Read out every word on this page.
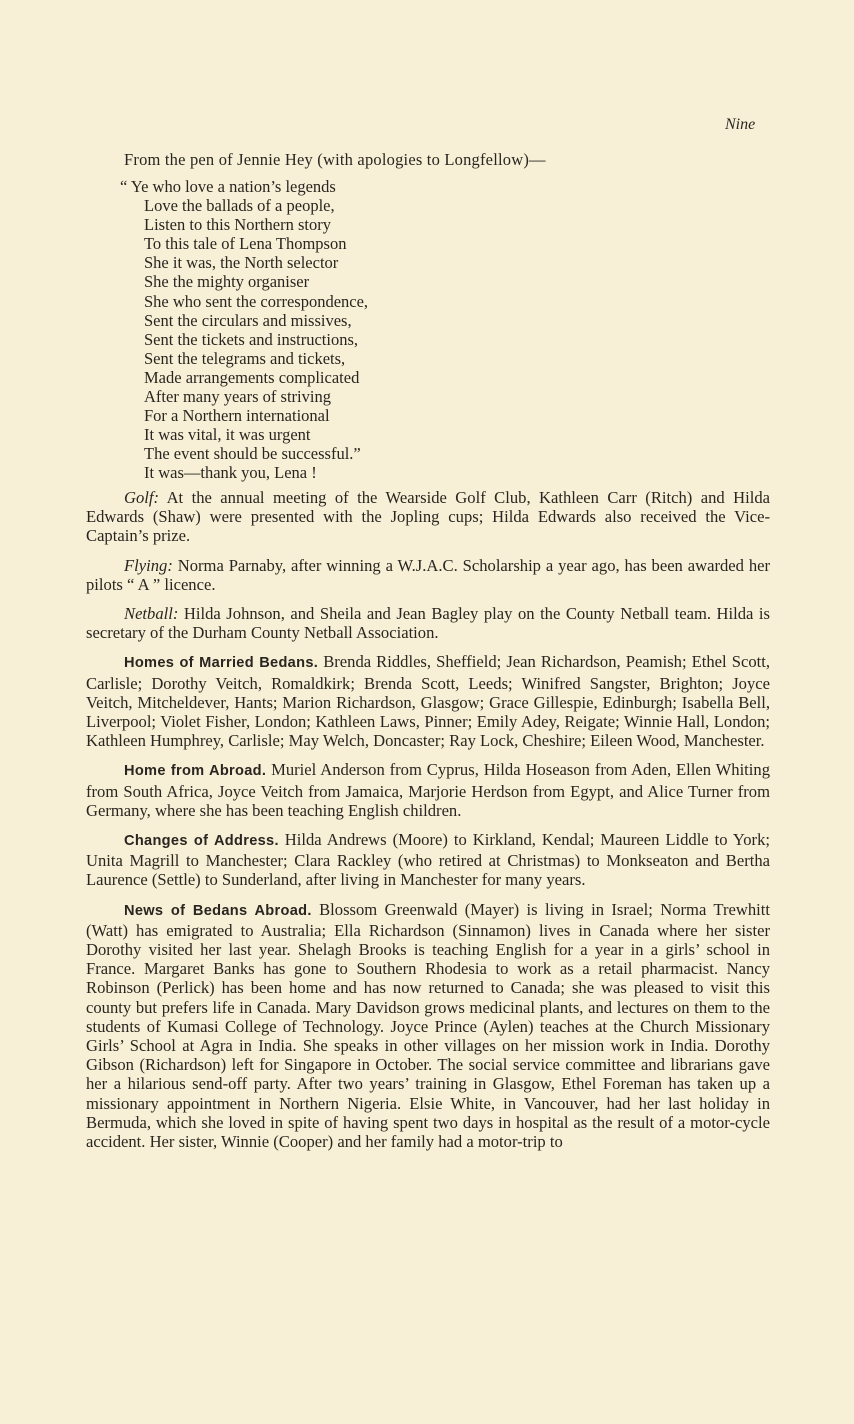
Nine
From the pen of Jennie Hey (with apologies to Longfellow)—
“ Ye who love a nation’s legends
Love the ballads of a people,
Listen to this Northern story
To this tale of Lena Thompson
She it was, the North selector
She the mighty organiser
She who sent the correspondence,
Sent the circulars and missives,
Sent the tickets and instructions,
Sent the telegrams and tickets,
Made arrangements complicated
After many years of striving
For a Northern international
It was vital, it was urgent
The event should be successful.”
It was—thank you, Lena !

Golf: At the annual meeting of the Wearside Golf Club, Kathleen Carr (Ritch) and Hilda Edwards (Shaw) were presented with the Jopling cups; Hilda Edwards also received the Vice-Captain’s prize.

Flying: Norma Parnaby, after winning a W.J.A.C. Scholarship a year ago, has been awarded her pilots “ A ” licence.

Netball: Hilda Johnson, and Sheila and Jean Bagley play on the County Netball team. Hilda is secretary of the Durham County Netball Association.

Homes of Married Bedans. Brenda Riddles, Sheffield; Jean Richardson, Peamish; Ethel Scott, Carlisle; Dorothy Veitch, Romaldkirk; Brenda Scott, Leeds; Winifred Sangster, Brighton; Joyce Veitch, Mitcheldever, Hants; Marion Richardson, Glasgow; Grace Gillespie, Edinburgh; Isabella Bell, Liverpool; Violet Fisher, London; Kathleen Laws, Pinner; Emily Adey, Reigate; Winnie Hall, London; Kathleen Humphrey, Carlisle; May Welch, Doncaster; Ray Lock, Cheshire; Eileen Wood, Manchester.

Home from Abroad. Muriel Anderson from Cyprus, Hilda Hoseason from Aden, Ellen Whiting from South Africa, Joyce Veitch from Jamaica, Marjorie Herdson from Egypt, and Alice Turner from Germany, where she has been teaching English children.

Changes of Address. Hilda Andrews (Moore) to Kirkland, Kendal; Maureen Liddle to York; Unita Magrill to Manchester; Clara Rackley (who retired at Christmas) to Monkseaton and Bertha Laurence (Settle) to Sunderland, after living in Manchester for many years.

News of Bedans Abroad. Blossom Greenwald (Mayer) is living in Israel; Norma Trewhitt (Watt) has emigrated to Australia; Ella Richardson (Sinnamon) lives in Canada where her sister Dorothy visited her last year. Shelagh Brooks is teaching English for a year in a girls’ school in France. Margaret Banks has gone to Southern Rhodesia to work as a retail pharmacist. Nancy Robinson (Perlick) has been home and has now returned to Canada; she was pleased to visit this county but prefers life in Canada. Mary Davidson grows medicinal plants, and lectures on them to the students of Kumasi College of Technology. Joyce Prince (Aylen) teaches at the Church Missionary Girls’ School at Agra in India. She speaks in other villages on her mission work in India. Dorothy Gibson (Richardson) left for Singapore in October. The social service committee and librarians gave her a hilarious send-off party. After two years’ training in Glasgow, Ethel Foreman has taken up a missionary appointment in Northern Nigeria. Elsie White, in Vancouver, had her last holiday in Bermuda, which she loved in spite of having spent two days in hospital as the result of a motor-cycle accident. Her sister, Winnie (Cooper) and her family had a motor-trip to
